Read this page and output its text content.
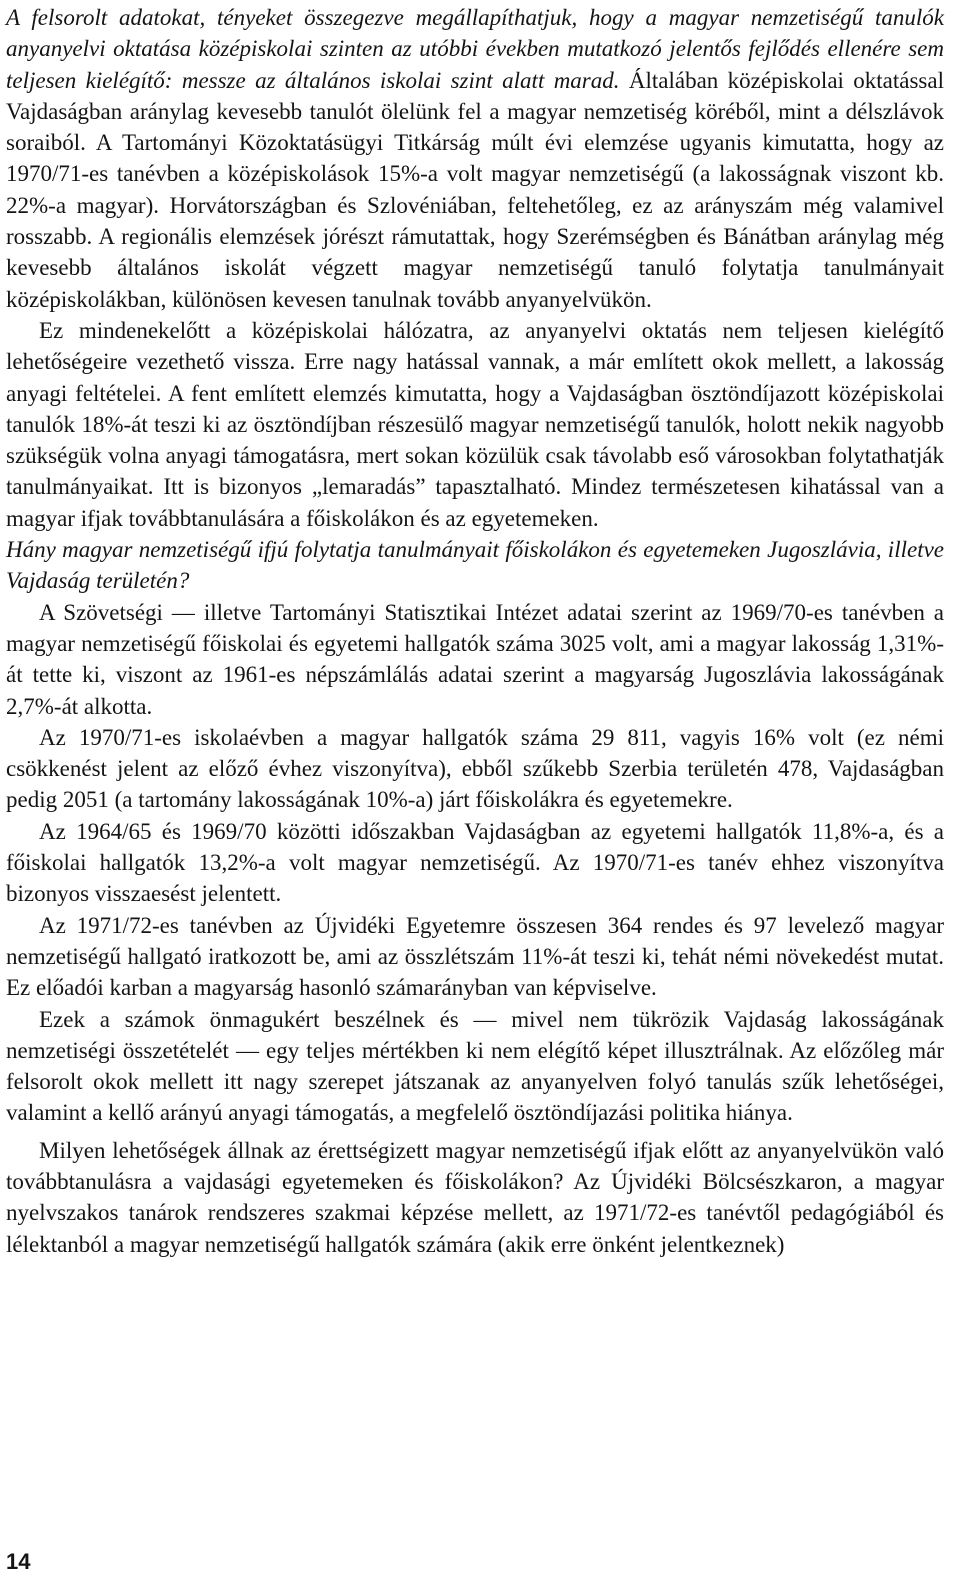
A felsorolt adatokat, tényeket összegezve megállapíthatjuk, hogy a magyar nemzetiségű tanulók anyanyelvi oktatása középiskolai szinten az utóbbi években mutatkozó jelentős fejlődés ellenére sem teljesen kielégítő: messze az általános iskolai szint alatt marad. Általában középiskolai oktatással Vajdaságban aránylag kevesebb tanulót ölelünk fel a magyar nemzetiség köréből, mint a délszlávok soraiból. A Tartományi Közoktatásügyi Titkárság múlt évi elemzése ugyanis kimutatta, hogy az 1970/71-es tanévben a középiskolások 15%-a volt magyar nemzetiségű (a lakosságnak viszont kb. 22%-a magyar). Horvátországban és Szlovéniában, feltehetőleg, ez az arányszám még valamivel rosszabb. A regionális elemzések jórészt rámutattak, hogy Szerémségben és Bánátban aránylag még kevesebb általános iskolát végzett magyar nemzetiségű tanuló folytatja tanulmányait középiskolákban, különösen kevesen tanulnak tovább anyanyelvükön.

Ez mindenekelőtt a középiskolai hálózatra, az anyanyelvi oktatás nem teljesen kielégítő lehetőségeire vezethető vissza. Erre nagy hatással vannak, a már említett okok mellett, a lakosság anyagi feltételei. A fent említett elemzés kimutatta, hogy a Vajdaságban ösztöndíjazott középiskolai tanulók 18%-át teszi ki az ösztöndíjban részesülő magyar nemzetiségű tanulók, holott nekik nagyobb szükségük volna anyagi támogatásra, mert sokan közülük csak távolabb eső városokban folytathatják tanulmányaikat. Itt is bizonyos „lemaradás” tapasztalható. Mindez természetesen kihatással van a magyar ifjak továbbtanulására a főiskolákon és az egyetemeken.

Hány magyar nemzetiségű ifjú folytatja tanulmányait főiskolákon és egyetemeken Jugoszlávia, illetve Vajdaság területén?

A Szövetségi — illetve Tartományi Statisztikai Intézet adatai szerint az 1969/70-es tanévben a magyar nemzetiségű főiskolai és egyetemi hallgatók száma 3025 volt, ami a magyar lakosság 1,31%-át tette ki, viszont az 1961-es népszámlálás adatai szerint a magyarság Jugoszlávia lakosságának 2,7%-át alkotta.

Az 1970/71-es iskolaévben a magyar hallgatók száma 29 811, vagyis 16% volt (ez némi csökkenést jelent az előző évhez viszonyítva), ebből szűkebb Szerbia területén 478, Vajdaságban pedig 2051 (a tartomány lakosságának 10%-a) járt főiskolákra és egyetemekre.

Az 1964/65 és 1969/70 közötti időszakban Vajdaságban az egyetemi hallgatók 11,8%-a, és a főiskolai hallgatók 13,2%-a volt magyar nemzetiségű. Az 1970/71-es tanév ehhez viszonyítva bizonyos visszaesést jelentett.

Az 1971/72-es tanévben az Újvidéki Egyetemre összesen 364 rendes és 97 levelező magyar nemzetiségű hallgató iratkozott be, ami az összlétszám 11%-át teszi ki, tehát némi növekedést mutat. Ez előadói karban a magyarság hasonló számarányban van képviselve.

Ezek a számok önmagukért beszélnek és — mivel nem tükrözik Vajdaság lakosságának nemzetiségi összetételét — egy teljes mértékben ki nem elégítő képet illusztrálnak. Az előzőleg már felsorolt okok mellett itt nagy szerepet játszanak az anyanyelven folyó tanulás szűk lehetőségei, valamint a kellő arányú anyagi támogatás, a megfelelő ösztöndíjazási politika hiánya.

Milyen lehetőségek állnak az érettségizett magyar nemzetiségű ifjak előtt az anyanyelvükön való továbbtanulásra a vajdasági egyetemeken és főiskolákon? Az Újvidéki Bölcsészkaron, a magyar nyelvszakos tanárok rendszeres szakmai képzése mellett, az 1971/72-es tanévtől pedagógiából és lélektanból a magyar nemzetiségű hallgatók számára (akik erre önként jelentkeznek)

14
